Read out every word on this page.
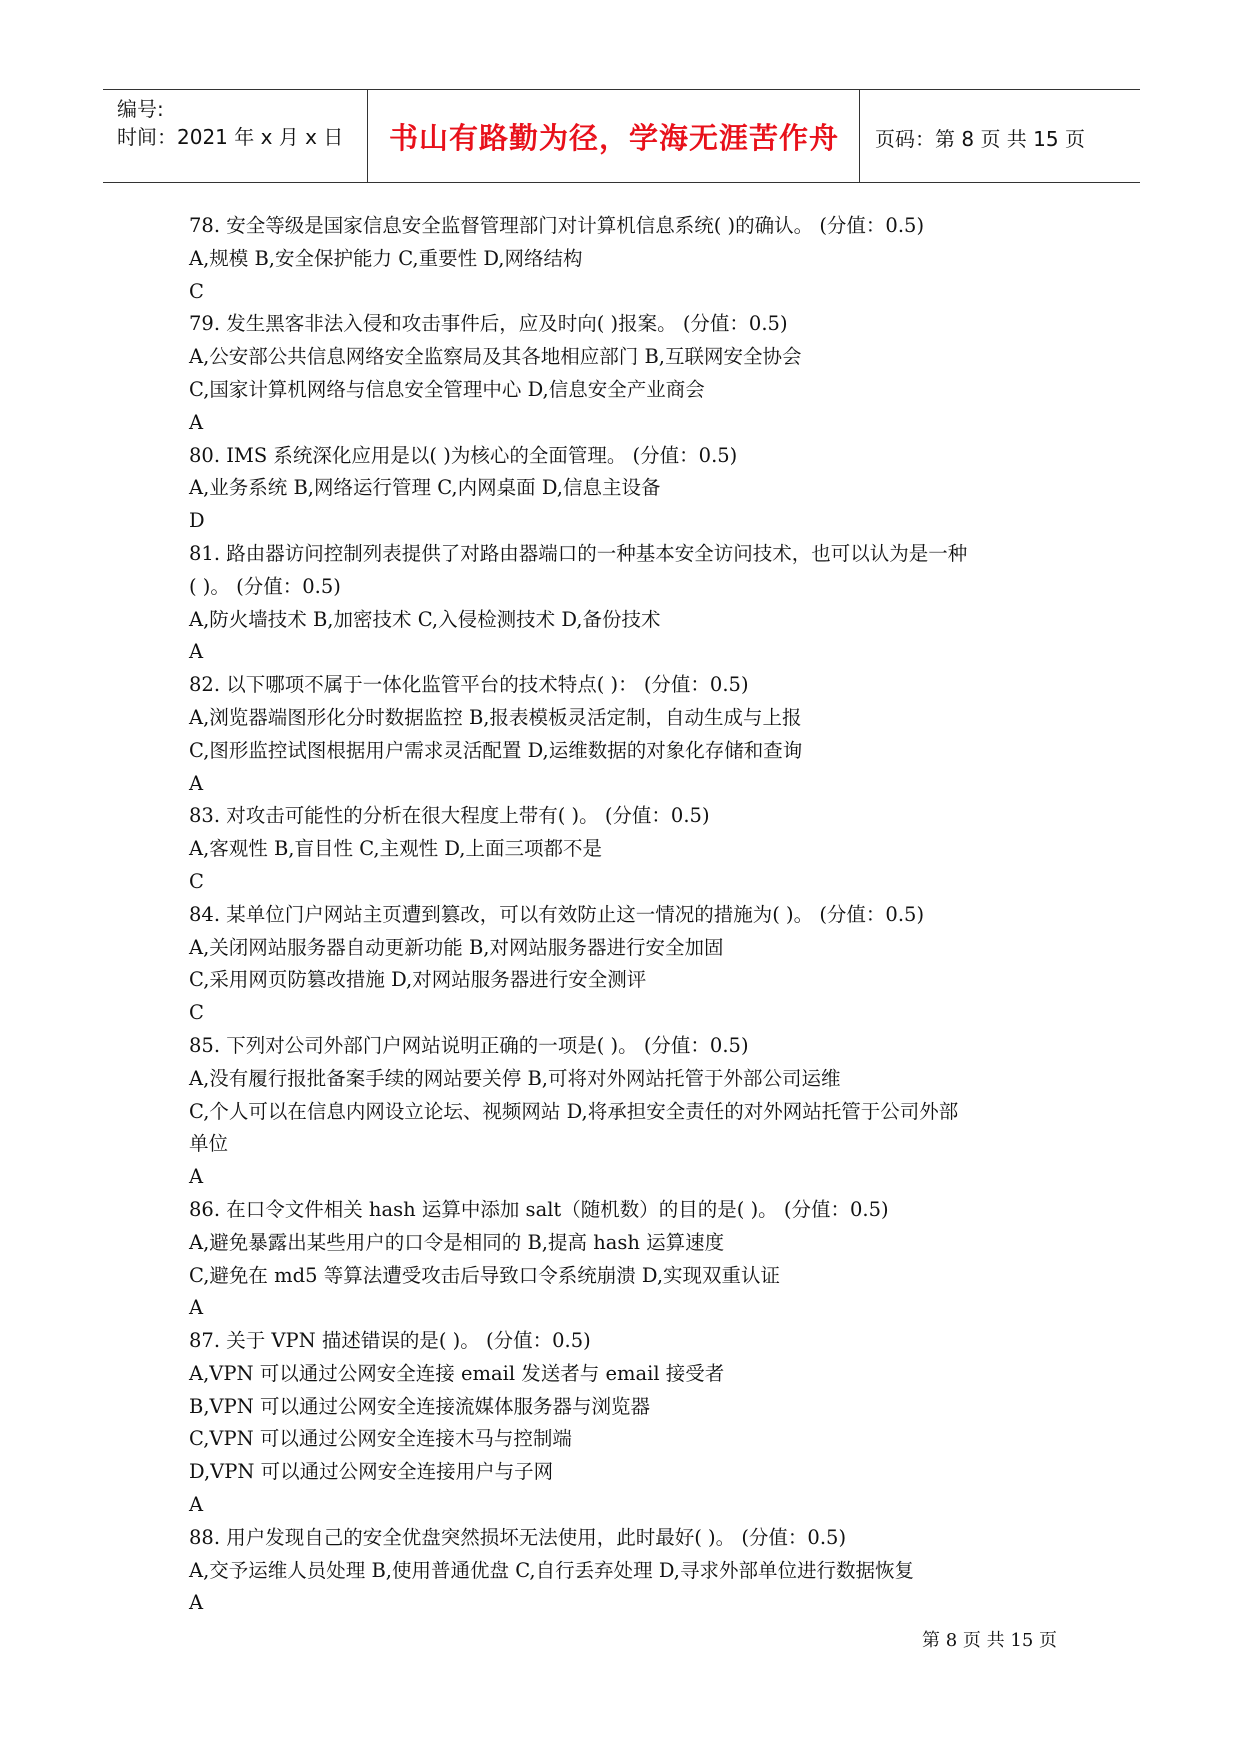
编号:
时间：2021 年 x 月 x 日	书山有路勤为径，学海无涯苦作舟	页码：第 8 页 共 15 页
78. 安全等级是国家信息安全监督管理部门对计算机信息系统( )的确认。 (分值：0.5)
A,规模 B,安全保护能力 C,重要性 D,网络结构
C
79. 发生黑客非法入侵和攻击事件后，应及时向( )报案。 (分值：0.5)
A,公安部公共信息网络安全监察局及其各地相应部门 B,互联网安全协会
C,国家计算机网络与信息安全管理中心 D,信息安全产业商会
A
80. IMS 系统深化应用是以( )为核心的全面管理。 (分值：0.5)
A,业务系统 B,网络运行管理 C,内网桌面 D,信息主设备
D
81. 路由器访问控制列表提供了对路由器端口的一种基本安全访问技术，也可以认为是一种
( )。 (分值：0.5)
A,防火墙技术 B,加密技术 C,入侵检测技术 D,备份技术
A
82. 以下哪项不属于一体化监管平台的技术特点( )： (分值：0.5)
A,浏览器端图形化分时数据监控 B,报表模板灵活定制，自动生成与上报
C,图形监控试图根据用户需求灵活配置 D,运维数据的对象化存储和查询
A
83. 对攻击可能性的分析在很大程度上带有( )。 (分值：0.5)
A,客观性 B,盲目性 C,主观性 D,上面三项都不是
C
84. 某单位门户网站主页遭到篡改，可以有效防止这一情况的措施为( )。 (分值：0.5)
A,关闭网站服务器自动更新功能 B,对网站服务器进行安全加固
C,采用网页防篡改措施 D,对网站服务器进行安全测评
C
85. 下列对公司外部门户网站说明正确的一项是( )。 (分值：0.5)
A,没有履行报批备案手续的网站要关停 B,可将对外网站托管于外部公司运维
C,个人可以在信息内网设立论坛、视频网站 D,将承担安全责任的对外网站托管于公司外部
单位
A
86. 在口令文件相关 hash 运算中添加 salt（随机数）的目的是( )。 (分值：0.5)
A,避免暴露出某些用户的口令是相同的 B,提高 hash 运算速度
C,避免在 md5 等算法遭受攻击后导致口令系统崩溃 D,实现双重认证
A
87. 关于 VPN 描述错误的是( )。 (分值：0.5)
A,VPN 可以通过公网安全连接 email 发送者与 email 接受者
B,VPN 可以通过公网安全连接流媒体服务器与浏览器
C,VPN 可以通过公网安全连接木马与控制端
D,VPN 可以通过公网安全连接用户与子网
A
88. 用户发现自己的安全优盘突然损坏无法使用，此时最好( )。 (分值：0.5)
A,交予运维人员处理 B,使用普通优盘 C,自行丢弃处理 D,寻求外部单位进行数据恢复
A
第 8 页 共 15 页
